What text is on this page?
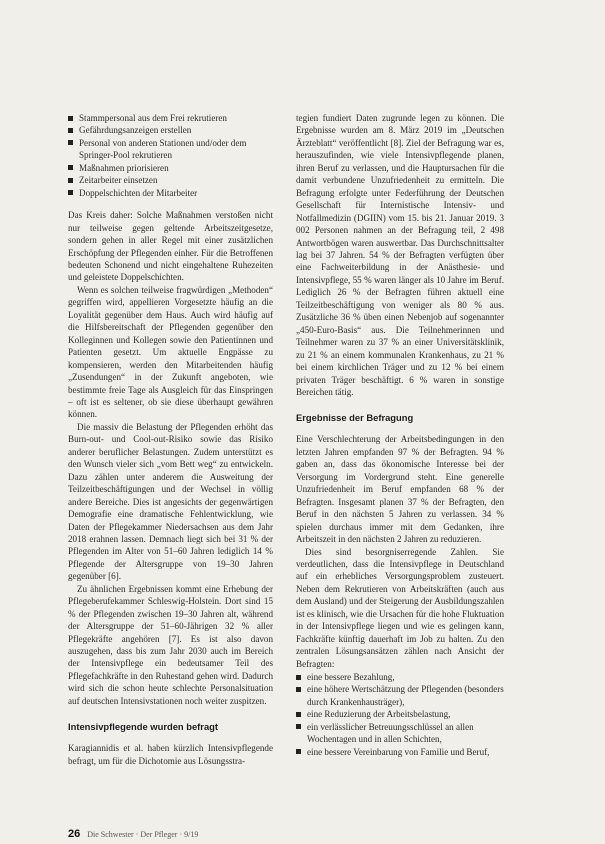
Stammpersonal aus dem Frei rekrutieren
Gefährdungsanzeigen erstellen
Personal von anderen Stationen und/oder dem Springer-Pool rekrutieren
Maßnahmen priorisieren
Zeitarbeiter einsetzen
Doppelschichten der Mitarbeiter

Das Kreis daher: Solche Maßnahmen verstoßen nicht nur teilweise gegen geltende Arbeitszeitgesetze, sondern gehen in aller Regel mit einer zusätzlichen Erschöpfung der Pflegenden einher. Für die Betroffenen bedeuten Schonend und nicht eingehaltene Ruhezeiten und geleistete Doppelschichten.

Wenn es solchen teilweise fragwürdigen „Methoden“ gegriffen wird, appellieren Vorgesetzte häufig an die Loyalität gegenüber dem Haus. Auch wird häufig auf die Hilfsbereitschaft der Pflegenden gegenüber den Kolleginnen und Kollegen sowie den Patientinnen und Patienten gesetzt. Um aktuelle Engpässe zu kompensieren, werden den Mitarbeitenden häufig „Zusendungen“ in der Zukunft angeboten, wie bestimmte freie Tage als Ausgleich für das Einspringen – oft ist es seltener, ob sie diese überhaupt gewähren können.

Die massiv die Belastung der Pflegenden erhöht das Burn-out- und Cool-out-Risiko sowie das Risiko anderer beruflicher Belastungen. Zudem unterstützt es den Wunsch vieler sich „vom Bett weg“ zu entwickeln. Dazu zählen unter anderem die Ausweitung der Teilzeitbeschäftigungen und der Wechsel in völlig andere Bereiche. Dies ist angesichts der gegenwärtigen Demografie eine dramatische Fehlentwicklung, wie Daten der Pflegekammer Niedersachsen aus dem Jahr 2018 erahnen lassen. Demnach liegt sich bei 31 % der Pflegenden im Alter von 51–60 Jahren lediglich 14 % Pflegende der Altersgruppe von 19–30 Jahren gegenüber [6].

Zu ähnlichen Ergebnissen kommt eine Erhebung der Pflegeberufekammer Schleswig-Holstein. Dort sind 15 % der Pflegenden zwischen 19–30 Jahren alt, während der Altersgruppe der 51–60-Jährigen 32 % aller Pflegekräfte angehören [7]. Es ist also davon auszugehen, dass bis zum Jahr 2030 auch im Bereich der Intensivpflege ein bedeutsamer Teil des Pflegefachkräfte in den Ruhestand gehen wird. Dadurch wird sich die schon heute schlechte Personalsituation auf deutschen Intensivstationen noch weiter zuspitzen.

Intensivpflegende wurden befragt

Karagiannidis et al. haben kürzlich Intensivpflegende befragt, um für die Dichotomie aus Lösungsstra-

tegien fundiert Daten zugrunde legen zu können. Die Ergebnisse wurden am 8. März 2019 im „Deutschen Ärzteblatt“ veröffentlicht [8]. Ziel der Befragung war es, herauszufinden, wie viele Intensivpflegende planen, ihren Beruf zu verlassen, und die Hauptursachen für die damit verbundene Unzufriedenheit zu ermitteln. Die Befragung erfolgte unter Federführung der Deutschen Gesellschaft für Internistische Intensiv- und Notfallmedizin (DGIIN) vom 15. bis 21. Januar 2019. 3 002 Personen nahmen an der Befragung teil, 2 498 Antwortbögen waren auswertbar. Das Durchschnittsalter lag bei 37 Jahren. 54 % der Befragten verfügten über eine Fachweiterbildung in der Anästhesie- und Intensivpflege, 55 % waren länger als 10 Jahre im Beruf. Lediglich 26 % der Befragten führen aktuell eine Teilzeitbeschäftigung von weniger als 80 % aus. Zusätzliche 36 % üben einen Nebenjob auf sogenannter „450-Euro-Basis“ aus. Die Teilnehmerinnen und Teilnehmer waren zu 37 % an einer Universitätsklinik, zu 21 % an einem kommunalen Krankenhaus, zu 21 % bei einem kirchlichen Träger und zu 12 % bei einem privaten Träger beschäftigt. 6 % waren in sonstige Bereichen tätig.

Ergebnisse der Befragung

Eine Verschlechterung der Arbeitsbedingungen in den letzten Jahren empfanden 97 % der Befragten. 94 % gaben an, dass das ökonomische Interesse bei der Versorgung im Vordergrund steht. Eine generelle Unzufriedenheit im Beruf empfanden 68 % der Befragten. Insgesamt planen 37 % der Befragten, den Beruf in den nächsten 5 Jahren zu verlassen. 34 % spielen durchaus immer mit dem Gedanken, ihre Arbeitszeit in den nächsten 2 Jahren zu reduzieren.

Dies sind besorgniserregende Zahlen. Sie verdeutlichen, dass die Intensivpflege in Deutschland auf ein erhebliches Versorgungsproblem zusteuert. Neben dem Rekrutieren von Arbeitskräften (auch aus dem Ausland) und der Steigerung der Ausbildungszahlen ist es klinisch, wie die Ursachen für die hohe Fluktuation in der Intensivpflege liegen und wie es gelingen kann, Fachkräfte künftig dauerhaft im Job zu halten. Zu den zentralen Lösungsansätzen zählen nach Ansicht der Befragten:

eine bessere Bezahlung,
eine höhere Wertschätzung der Pflegenden (besonders durch Krankenhausträger),
eine Reduzierung der Arbeitsbelastung,
ein verlässlicher Betreuungsschlüssel an allen Wochentagen und in allen Schichten,
eine bessere Vereinbarung von Familie und Beruf,
26 Die Schwester · Der Pfleger · 9/19
